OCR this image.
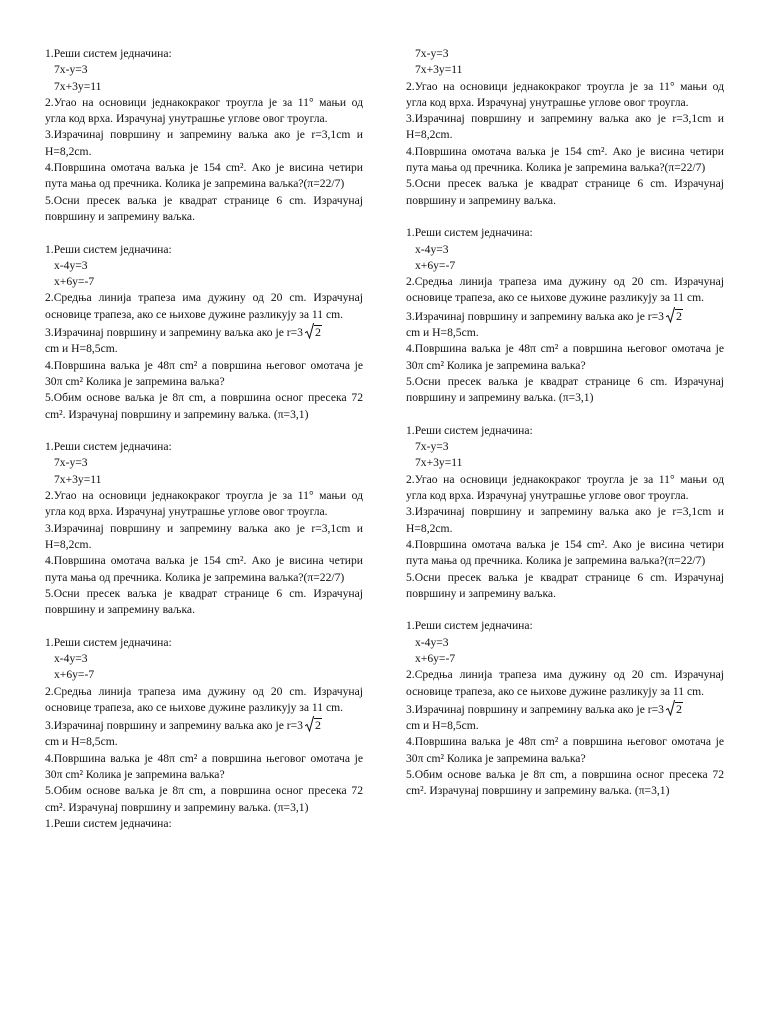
1.Реши систем једначина:
7x-y=3
7x+3y=11
2.Угао на основици једнакокраког троугла је за 11° мањи од угла код врха. Израчунај унутрашње углове овог троугла.
3.Израчинај површину и запремину ваљка ако је r=3,1cm и H=8,2cm.
4.Површина омотача ваљка је 154 cm². Ако је висина четири пута мања од пречника. Колика је запремина ваљка?(π=22/7)
5.Осни пресек ваљка је квадрат странице 6 cm. Израчунај површину и запремину ваљка.
1.Реши систем једначина:
x-4y=3
x+6y=-7
2.Средња линија трапеза има дужину од 20 cm. Израчунај основице трапеза, ако се њихове дужине разликују за 11 cm.
3.Израчинај површину и запремину ваљка ако је r=3 2

cm и H=8,5cm.
4.Површина ваљка је 48π cm² а површина његовог омотача је 30π cm² Колика је запремина ваљка?
5.Обим основе ваљка је 8π cm, а површина осног пресека 72 cm². Израчунај површину и запремину ваљка. (π=3,1)
1.Реши систем једначина:
7x-y=3
7x+3y=11
2.Угао на основици једнакокраког троугла је за 11° мањи од угла код врха. Израчунај унутрашње углове овог троугла.
3.Израчинај површину и запремину ваљка ако је r=3,1cm и H=8,2cm.
4.Површина омотача ваљка је 154 cm². Ако је висина четири пута мања од пречника. Колика је запремина ваљка?(π=22/7)
5.Осни пресек ваљка је квадрат странице 6 cm. Израчунај површину и запремину ваљка.
1.Реши систем једначина:
x-4y=3
x+6y=-7
2.Средња линија трапеза има дужину од 20 cm. Израчунај основице трапеза, ако се њихове дужине разликују за 11 cm.
3.Израчинај површину и запремину ваљка ако је r=3 2

cm и H=8,5cm.
4.Површина ваљка је 48π cm² а површина његовог омотача је 30π cm² Колика је запремина ваљка?
5.Обим основе ваљка је 8π cm, а површина осног пресека 72 cm². Израчунај површину и запремину ваљка. (π=3,1)
1.Реши систем једначина:
7x-y=3
7x+3y=11
2.Угао на основици једнакокраког троугла је за 11° мањи од угла код врха. Израчунај унутрашње углове овог троугла.
3.Израчинај површину и запремину ваљка ако је r=3,1cm и H=8,2cm.
4.Површина омотача ваљка је 154 cm². Ако је висина четири пута мања од пречника. Колика је запремина ваљка?(π=22/7)
5.Осни пресек ваљка је квадрат странице 6 cm. Израчунај површину и запремину ваљка.
1.Реши систем једначина:
x-4y=3
x+6y=-7
2.Средња линија трапеза има дужину од 20 cm. Израчунај основице трапеза, ако се њихове дужине разликују за 11 cm.
3.Израчинај површину и запремину ваљка ако је r=3 2

cm и H=8,5cm.
4.Површина ваљка је 48π cm² а површина његовог омотача је 30π cm² Колика је запремина ваљка?
5.Осни пресек ваљка је квадрат странице 6 cm. Израчунај површину и запремину ваљка. (π=3,1)
1.Реши систем једначина:
7x-y=3
7x+3y=11
2.Угао на основици једнакокраког троугла је за 11° мањи од угла код врха. Израчунај унутрашње углове овог троугла.
3.Израчинај површину и запремину ваљка ако је r=3,1cm и H=8,2cm.
4.Површина омотача ваљка је 154 cm². Ако је висина четири пута мања од пречника. Колика је запремина ваљка?(π=22/7)
5.Осни пресек ваљка је квадрат странице 6 cm. Израчунај површину и запремину ваљка.
1.Реши систем једначина:
x-4y=3
x+6y=-7
2.Средња линија трапеза има дужину од 20 cm. Израчунај основице трапеза, ако се њихове дужине разликују за 11 cm.
3.Израчинај површину и запремину ваљка ако је r=3 2

cm и H=8,5cm.
4.Површина ваљка је 48π cm² а површина његовог омотача је 30π cm² Колика је запремина ваљка?
5.Обим основе ваљка је 8π cm, а површина осног пресека 72 cm². Израчунај површину и запремину ваљка. (π=3,1)
